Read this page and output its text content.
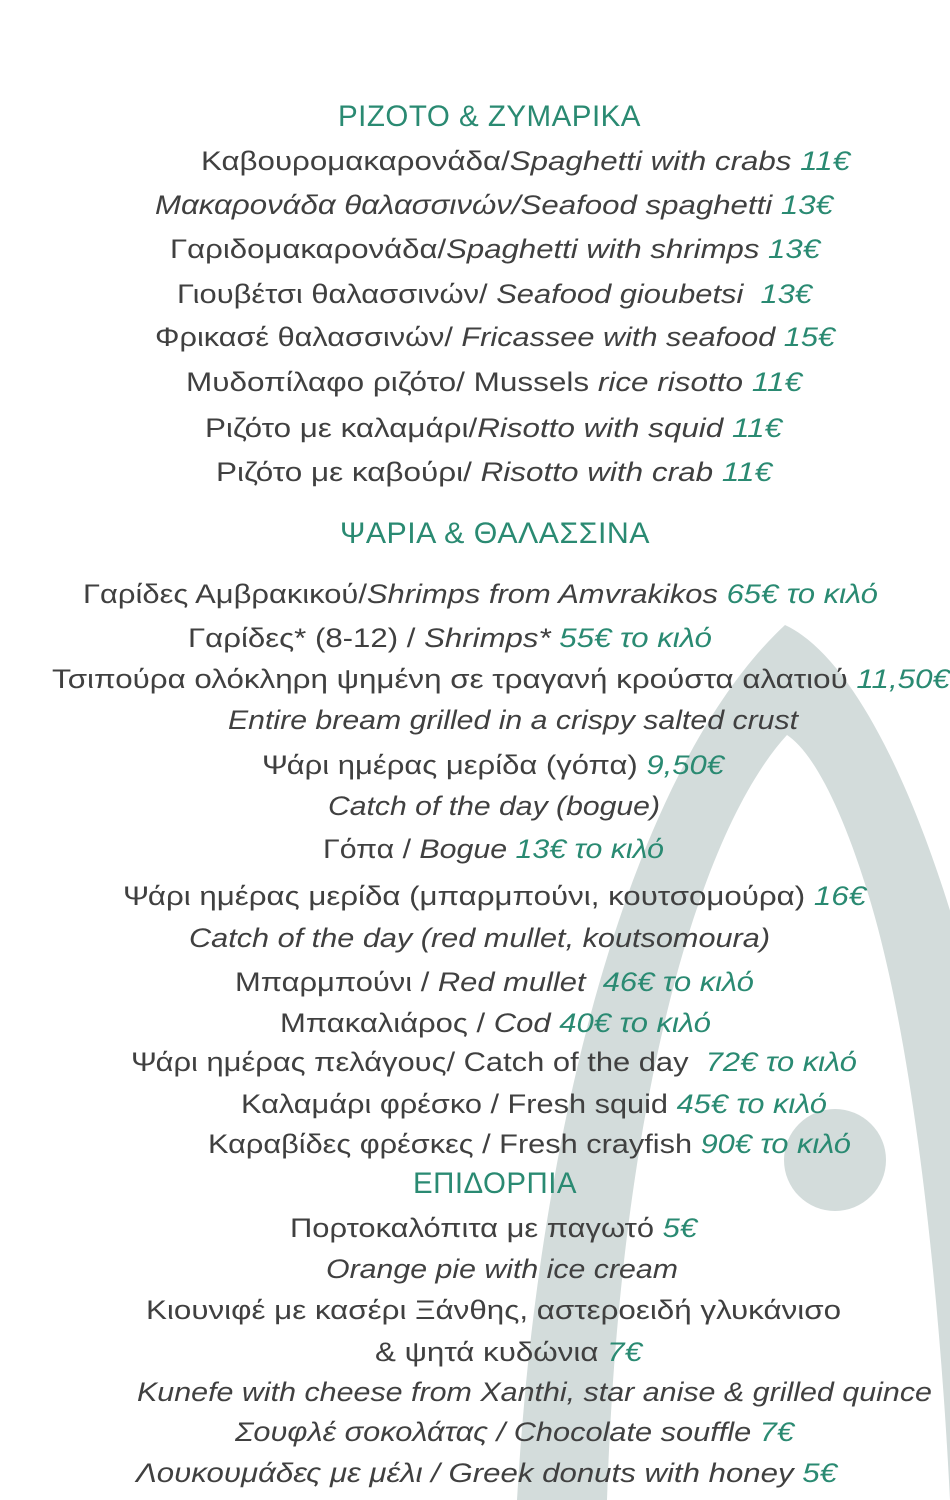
ΡΙΖΟΤΟ & ΖΥΜΑΡΙΚΑ
Καβουρομακαρονάδα/Spaghetti with crabs 11€
Μακαρονάδα θαλασσινών/Seafood spaghetti 13€
Γαριδομακαρονάδα/Spaghetti with shrimps 13€
Γιουβέτσι θαλασσινών/ Seafood gioubetsi 13€
Φρικασέ θαλασσινών/ Fricassee with seafood 15€
Μυδοπίλαφο ριζότο/ Mussels rice risotto 11€
Ριζότο με καλαμάρι/Risotto with squid 11€
Ριζότο με καβούρι/ Risotto with crab 11€
ΨΑΡΙΑ & ΘΑΛΑΣΣΙΝΑ
Γαρίδες Αμβρακικού/Shrimps from Amvrakikos 65€ το κιλό
Γαρίδες* (8-12) / Shrimps* 55€ το κιλό
Τσιπούρα ολόκληρη ψημένη σε τραγανή κρούστα αλατιού 11,50€
Entire bream grilled in a crispy salted crust
Ψάρι ημέρας μερίδα (γόπα) 9,50€
Catch of the day (bogue)
Γόπα / Bogue 13€ το κιλό
Ψάρι ημέρας μερίδα (μπαρμπούνι, κουτσομούρα) 16€
Catch of the day (red mullet, koutsomoura)
Μπαρμπούνι / Red mullet 46€ το κιλό
Μπακαλιάρος / Cod 40€ το κιλό
Ψάρι ημέρας πελάγους/ Catch of the day 72€ το κιλό
Καλαμάρι φρέσκο / Fresh squid 45€ το κιλό
Καραβίδες φρέσκες / Fresh crayfish 90€ το κιλό
ΕΠΙΔΟΡΠΙΑ
Πορτοκαλόπιτα με παγωτό 5€
Orange pie with ice cream
Κιουνιφέ με κασέρι Ξάνθης, αστεροειδή γλυκάνισο
& ψητά κυδώνια 7€
Kunefe with cheese from Xanthi, star anise & grilled quince
Σουφλέ σοκολάτας / Chocolate souffle 7€
Λουκουμάδες με μέλι / Greek donuts with honey 5€
